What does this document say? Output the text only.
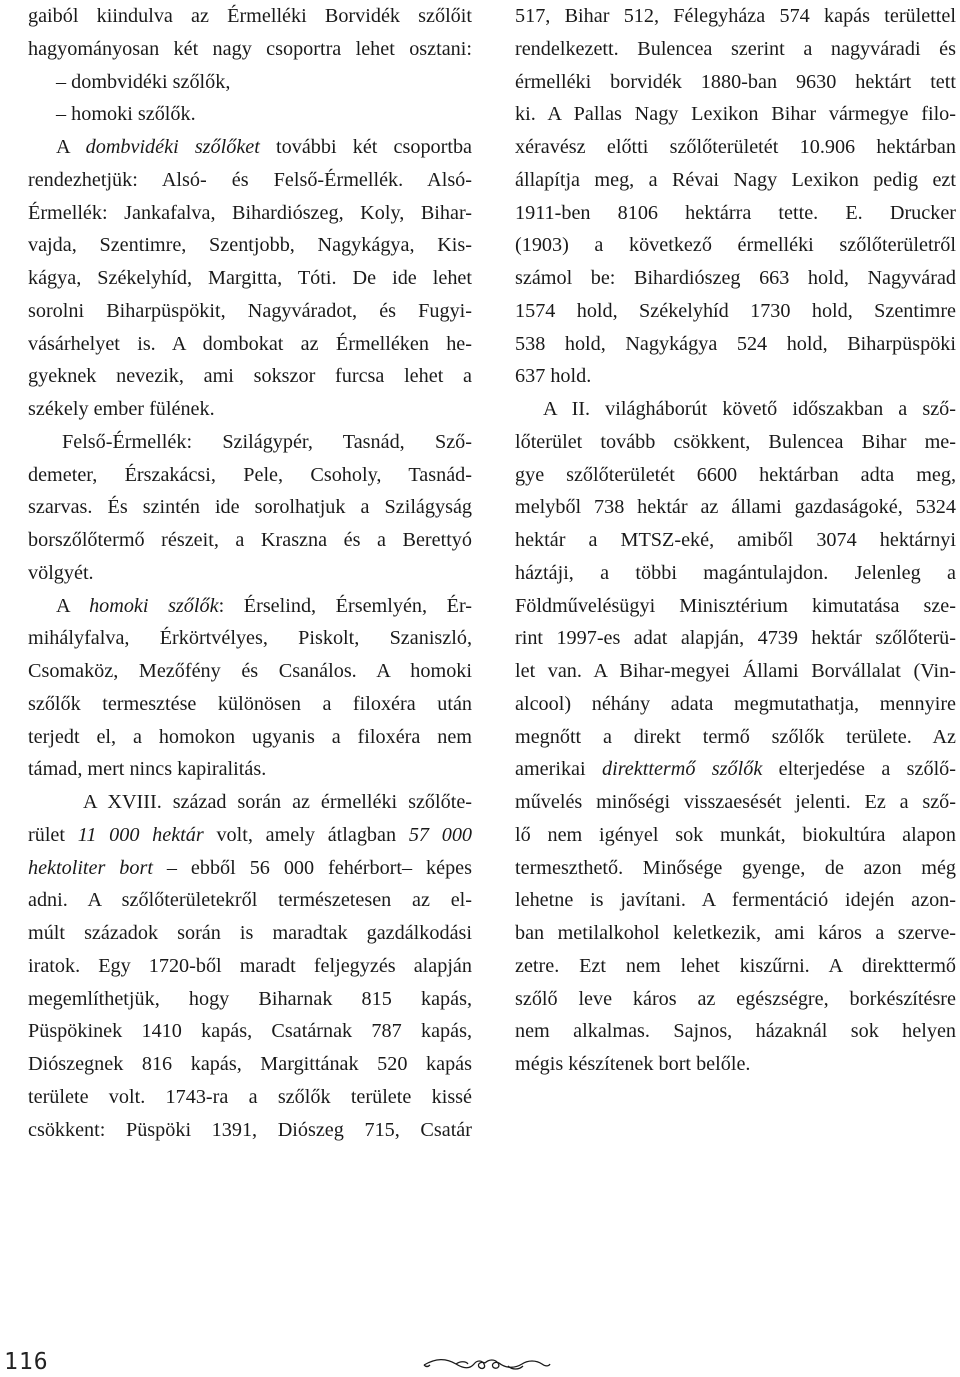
gaiból kiindulva az Érmelléki Borvidék szőlőit
hagyományosan két nagy csoportra lehet osztani:
– dombvidéki szőlők,
– homoki szőlők.
A dombvidéki szőlőket további két csoportba
rendezhetjük: Alsó- és Felső-Érmellék. Alsó-
Érmellék: Jankafalva, Bihardiószeg, Koly, Bihar-
vajda, Szentimre, Szentjobb, Nagykágya, Kis-
kágya, Székelyhíd, Margitta, Tóti. De ide lehet
sorolni Biharpüspökit, Nagyváradot, és Fugyi-
vásárhelyet is. A dombokat az Érmelléken he-
gyeknek nevezik, ami sokszor furcsa lehet a
székely ember fülének.
Felső-Érmellék: Szilágypér, Tasnád, Sző-
demeter, Érszakácsi, Pele, Csoholy, Tasnád-
szarvas. És szintén ide sorolhatjuk a Szilágyság
borszőlőtermő részeit, a Kraszna és a Berettyó
völgyét.
A homoki szőlők: Érselind, Érsemlyén, Ér-
mihályfalva, Érkörtvélyes, Piskolt, Szaniszló,
Csomaköz, Mezőfény és Csanálos. A homoki
szőlők termesztése különösen a filoxéra után
terjedt el, a homokon ugyanis a filoxéra nem
támad, mert nincs kapiralitás.
A XVIII. század során az érmelléki szőlőte-
rület 11 000 hektár volt, amely átlagban 57 000
hektoliter bort – ebből 56 000 fehérbort– képes
adni. A szőlőterületekről természetesen az el-
múlt századok során is maradtak gazdálkodási
iratok. Egy 1720-ből maradt feljegyzés alapján
megemlíthetjük, hogy Biharnak 815 kapás,
Püspökinek 1410 kapás, Csatárnak 787 kapás,
Diószegnek 816 kapás, Margittának 520 kapás
területe volt. 1743-ra a szőlők területe kissé
csökkent: Püspöki 1391, Diószeg 715, Csatár
517, Bihar 512, Félegyháza 574 kapás területtel
rendelkezett. Bulencea szerint a nagyváradi és
érmelléki borvidék 1880-ban 9630 hektárt tett
ki. A Pallas Nagy Lexikon Bihar vármegye filo-
xéravész előtti szőlőterületét 10.906 hektárban
állapítja meg, a Révai Nagy Lexikon pedig ezt
1911-ben 8106 hektárra tette. E. Drucker
(1903) a következő érmelléki szőlőterületről
számol be: Bihardiószeg 663 hold, Nagyvárad
1574 hold, Székelyhíd 1730 hold, Szentimre
538 hold, Nagykágya 524 hold, Biharpüspöki
637 hold.
A II. világháborút követő időszakban a sző-
lőterület tovább csökkent, Bulencea Bihar me-
gye szőlőterületét 6600 hektárban adta meg,
melyből 738 hektár az állami gazdaságoké, 5324
hektár a MTSZ-eké, amiből 3074 hektárnyi
háztáji, a többi magántulajdon. Jelenleg a
Földművelésügyi Minisztérium kimutatása sze-
rint 1997-es adat alapján, 4739 hektár szőlőterü-
let van. A Bihar-megyei Állami Borvállalat (Vin-
alcool) néhány adata megmutathatja, mennyire
megnőtt a direkt termő szőlők területe. Az
amerikai direkttermő szőlők elterjedése a szőlő-
művelés minőségi visszaesését jelenti. Ez a sző-
lő nem igényel sok munkát, biokultúra alapon
termeszthető. Minősége gyenge, de azon még
lehetne is javítani. A fermentáció idején azon-
ban metilalkohol keletkezik, ami káros a szerve-
zetre. Ezt nem lehet kiszűrni. A direkttermő
szőlő leve káros az egészségre, borkészítésre
nem alkalmas. Sajnos, házaknál sok helyen
mégis készítenek bort belőle.
116
